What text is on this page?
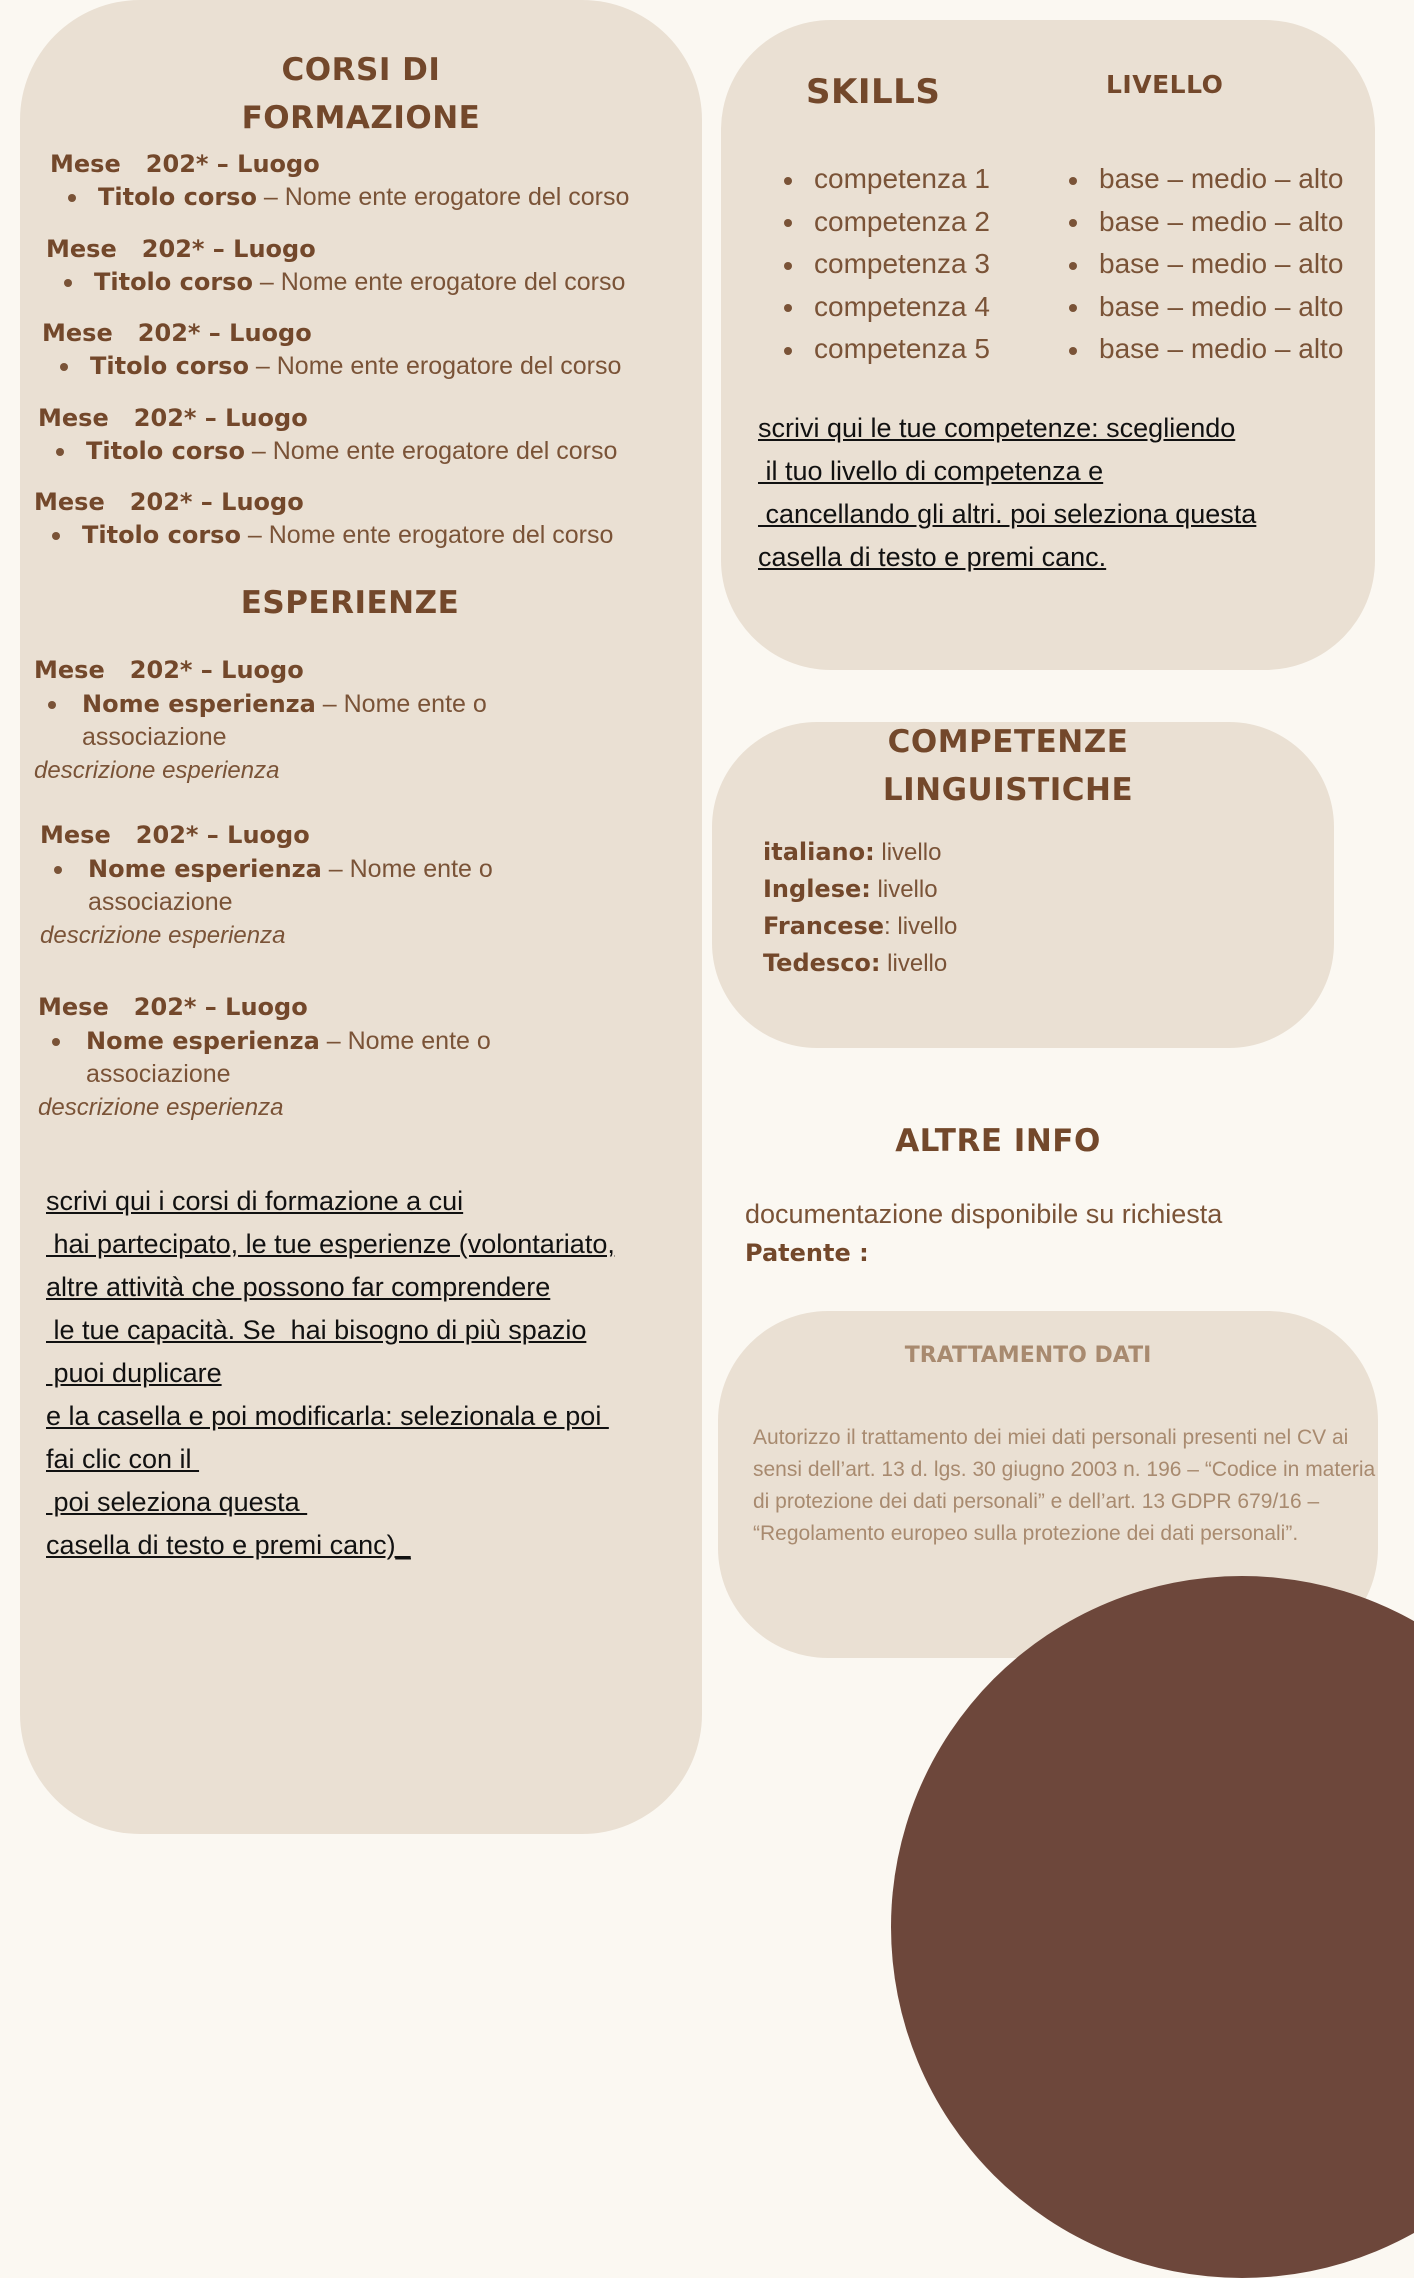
CORSI DI
FORMAZIONE
Mese   202* – Luogo
Titolo corso – Nome ente erogatore del corso
Mese   202* – Luogo
Titolo corso – Nome ente erogatore del corso
Mese   202* – Luogo
Titolo corso – Nome ente erogatore del corso
Mese   202* – Luogo
Titolo corso – Nome ente erogatore del corso
Mese   202* – Luogo
Titolo corso – Nome ente erogatore del corso
ESPERIENZE
Mese   202* – Luogo
Nome esperienza – Nome ente o associazione
descrizione esperienza
Mese   202* – Luogo
Nome esperienza – Nome ente o associazione
descrizione esperienza
Mese   202* – Luogo
Nome esperienza – Nome ente o associazione
descrizione esperienza
scrivi qui i corsi di formazione a cui
hai partecipato, le tue esperienze (volontariato,
altre attività che possono far comprendere
le tue capacità. Se  hai bisogno di più spazio
puoi duplicare
e la casella e poi modificarla: selezionala e poi
fai clic con il
poi seleziona questa
casella di testo e premi canc)_
SKILLS	LIVELLO
competenza 1
competenza 2
competenza 3
competenza 4
competenza 5
base – medio – alto
base – medio – alto
base – medio – alto
base – medio – alto
base – medio – alto
scrivi qui le tue competenze: scegliendo
il tuo livello di competenza e
cancellando gli altri. poi seleziona questa
casella di testo e premi canc.
COMPETENZE
LINGUISTICHE
italiano: livello
Inglese: livello
Francese: livello
Tedesco: livello
ALTRE INFO
documentazione disponibile su richiesta
Patente :
TRATTAMENTO DATI
Autorizzo il trattamento dei miei dati personali presenti nel CV ai sensi dell’art. 13 d. lgs. 30 giugno 2003 n. 196 – “Codice in materia di protezione dei dati personali” e dell’art. 13 GDPR 679/16 – “Regolamento europeo sulla protezione dei dati personali”.
